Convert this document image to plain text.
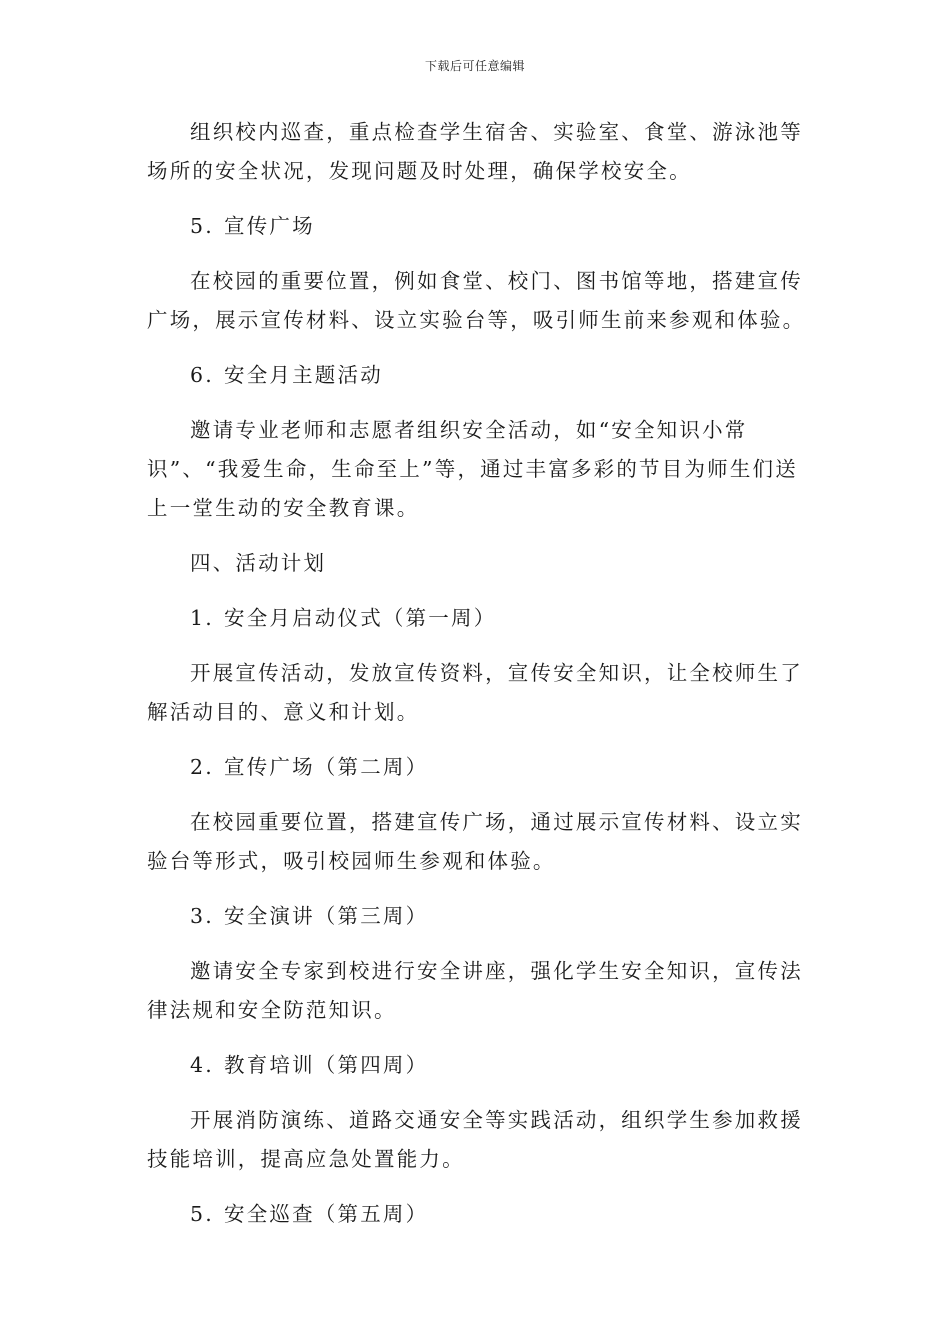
下载后可任意编辑

组织校内巡查，重点检查学生宿舍、实验室、食堂、游泳池等场所的安全状况，发现问题及时处理，确保学校安全。

5. 宣传广场

在校园的重要位置，例如食堂、校门、图书馆等地，搭建宣传广场，展示宣传材料、设立实验台等，吸引师生前来参观和体验。

6. 安全月主题活动

邀请专业老师和志愿者组织安全活动，如“安全知识小常识”、“我爱生命，生命至上”等，通过丰富多彩的节目为师生们送上一堂生动的安全教育课。

四、活动计划
1. 安全月启动仪式（第一周）

开展宣传活动，发放宣传资料，宣传安全知识，让全校师生了解活动目的、意义和计划。

2. 宣传广场（第二周）

在校园重要位置，搭建宣传广场，通过展示宣传材料、设立实验台等形式，吸引校园师生参观和体验。

3. 安全演讲（第三周）

邀请安全专家到校进行安全讲座，强化学生安全知识，宣传法律法规和安全防范知识。

4. 教育培训（第四周）

开展消防演练、道路交通安全等实践活动，组织学生参加救援技能培训，提高应急处置能力。

5. 安全巡查（第五周）
